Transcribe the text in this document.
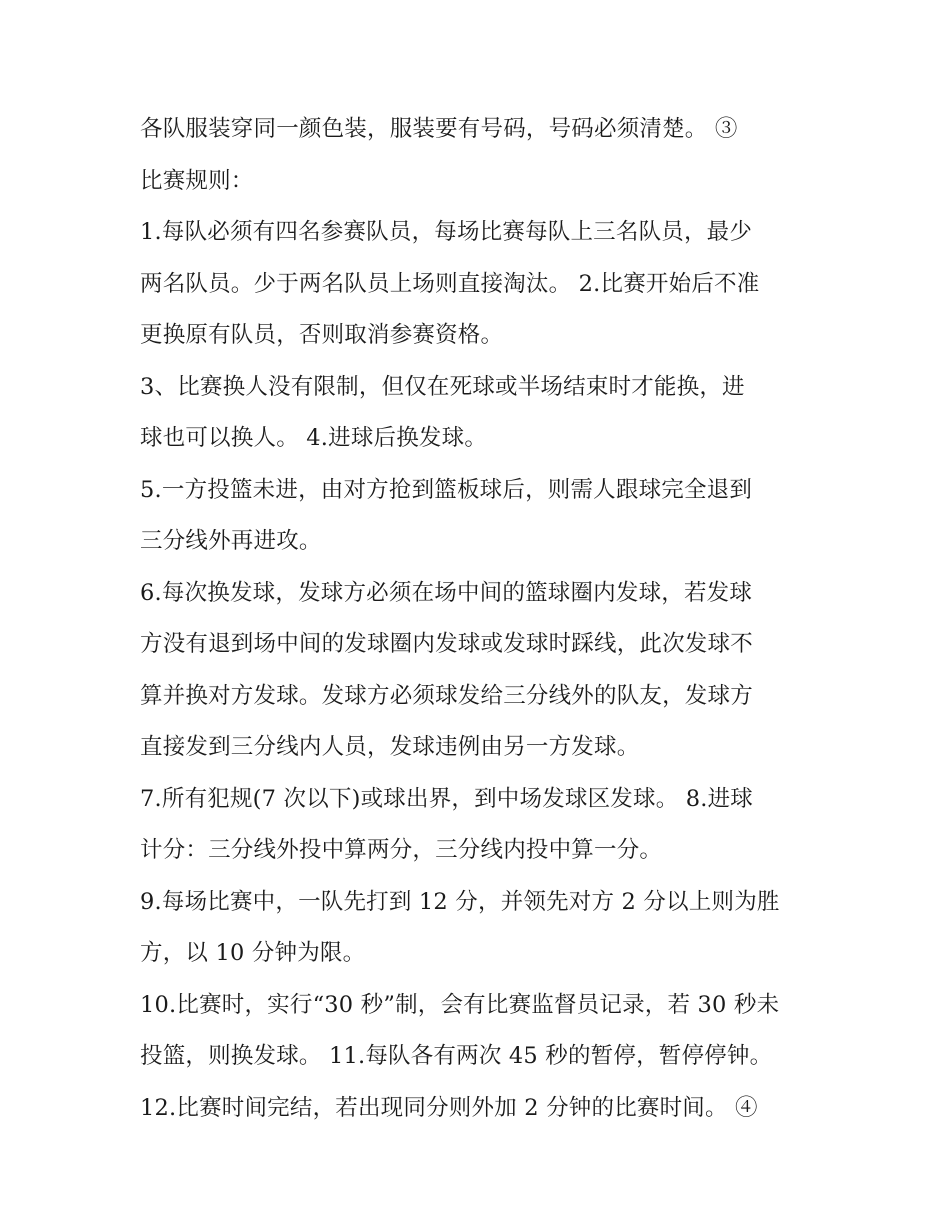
各队服装穿同一颜色装，服装要有号码，号码必须清楚。 ③
比赛规则：
1.每队必须有四名参赛队员，每场比赛每队上三名队员，最少
两名队员。少于两名队员上场则直接淘汰。 2.比赛开始后不准
更换原有队员，否则取消参赛资格。
3、比赛换人没有限制，但仅在死球或半场结束时才能换，进
球也可以换人。 4.进球后换发球。
5.一方投篮未进，由对方抢到篮板球后，则需人跟球完全退到
三分线外再进攻。
6.每次换发球，发球方必须在场中间的篮球圈内发球，若发球
方没有退到场中间的发球圈内发球或发球时踩线，此次发球不
算并换对方发球。发球方必须球发给三分线外的队友，发球方
直接发到三分线内人员，发球违例由另一方发球。
7.所有犯规(7 次以下)或球出界，到中场发球区发球。 8.进球
计分：三分线外投中算两分，三分线内投中算一分。
9.每场比赛中，一队先打到 12 分，并领先对方 2 分以上则为胜
方，以 10 分钟为限。
10.比赛时，实行“30 秒”制，会有比赛监督员记录，若 30 秒未
投篮，则换发球。 11.每队各有两次 45 秒的暂停，暂停停钟。
12.比赛时间完结，若出现同分则外加 2 分钟的比赛时间。 ④
